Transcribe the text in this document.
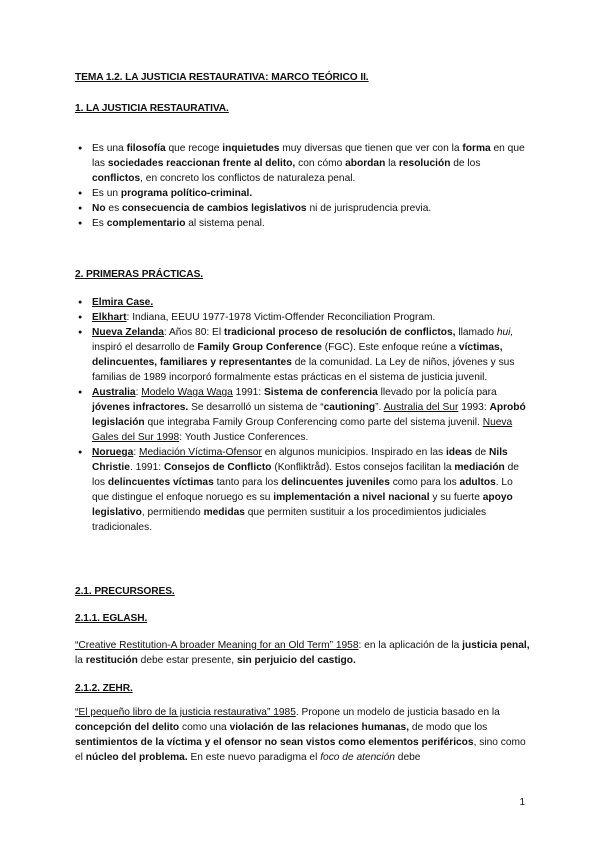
TEMA 1.2. LA JUSTICIA RESTAURATIVA: MARCO TEÓRICO II.
1. LA JUSTICIA RESTAURATIVA.
● Es una filosofía que recoge inquietudes muy diversas que tienen que ver con la forma en que las sociedades reaccionan frente al delito, con cómo abordan la resolución de los conflictos, en concreto los conflictos de naturaleza penal.
● Es un programa político-criminal.
● No es consecuencia de cambios legislativos ni de jurisprudencia previa.
● Es complementario al sistema penal.
2. PRIMERAS PRÁCTICAS.
● Elmira Case.
● Elkhart: Indiana, EEUU 1977-1978 Victim-Offender Reconciliation Program.
● Nueva Zelanda: Años 80: El tradicional proceso de resolución de conflictos, llamado hui, inspiró el desarrollo de Family Group Conference (FGC). Este enfoque reúne a víctimas, delincuentes, familiares y representantes de la comunidad. La Ley de niños, jóvenes y sus familias de 1989 incorporó formalmente estas prácticas en el sistema de justicia juvenil.
● Australia: Modelo Waga Waga 1991: Sistema de conferencia llevado por la policía para jóvenes infractores. Se desarrolló un sistema de “cautioning”. Australia del Sur 1993: Aprobó legislación que integraba Family Group Conferencing como parte del sistema juvenil. Nueva Gales del Sur 1998: Youth Justice Conferences.
● Noruega: Mediación Víctima-Ofensor en algunos municipios. Inspirado en las ideas de Nils Christie. 1991: Consejos de Conflicto (Konfliktråd). Estos consejos facilitan la mediación de los delincuentes víctimas tanto para los delincuentes juveniles como para los adultos. Lo que distingue el enfoque noruego es su implementación a nivel nacional y su fuerte apoyo legislativo, permitiendo medidas que permiten sustituir a los procedimientos judiciales tradicionales.
2.1. PRECURSORES.
2.1.1. EGLASH.
“Creative Restitution-A broader Meaning for an Old Term” 1958: en la aplicación de la justicia penal, la restitución debe estar presente, sin perjuicio del castigo.
2.1.2. ZEHR.
“El pequeño libro de la justicia restaurativa” 1985. Propone un modelo de justicia basado en la concepción del delito como una violación de las relaciones humanas, de modo que los sentimientos de la víctima y el ofensor no sean vistos como elementos periféricos, sino como el núcleo del problema. En este nuevo paradigma el foco de atención debe
1
